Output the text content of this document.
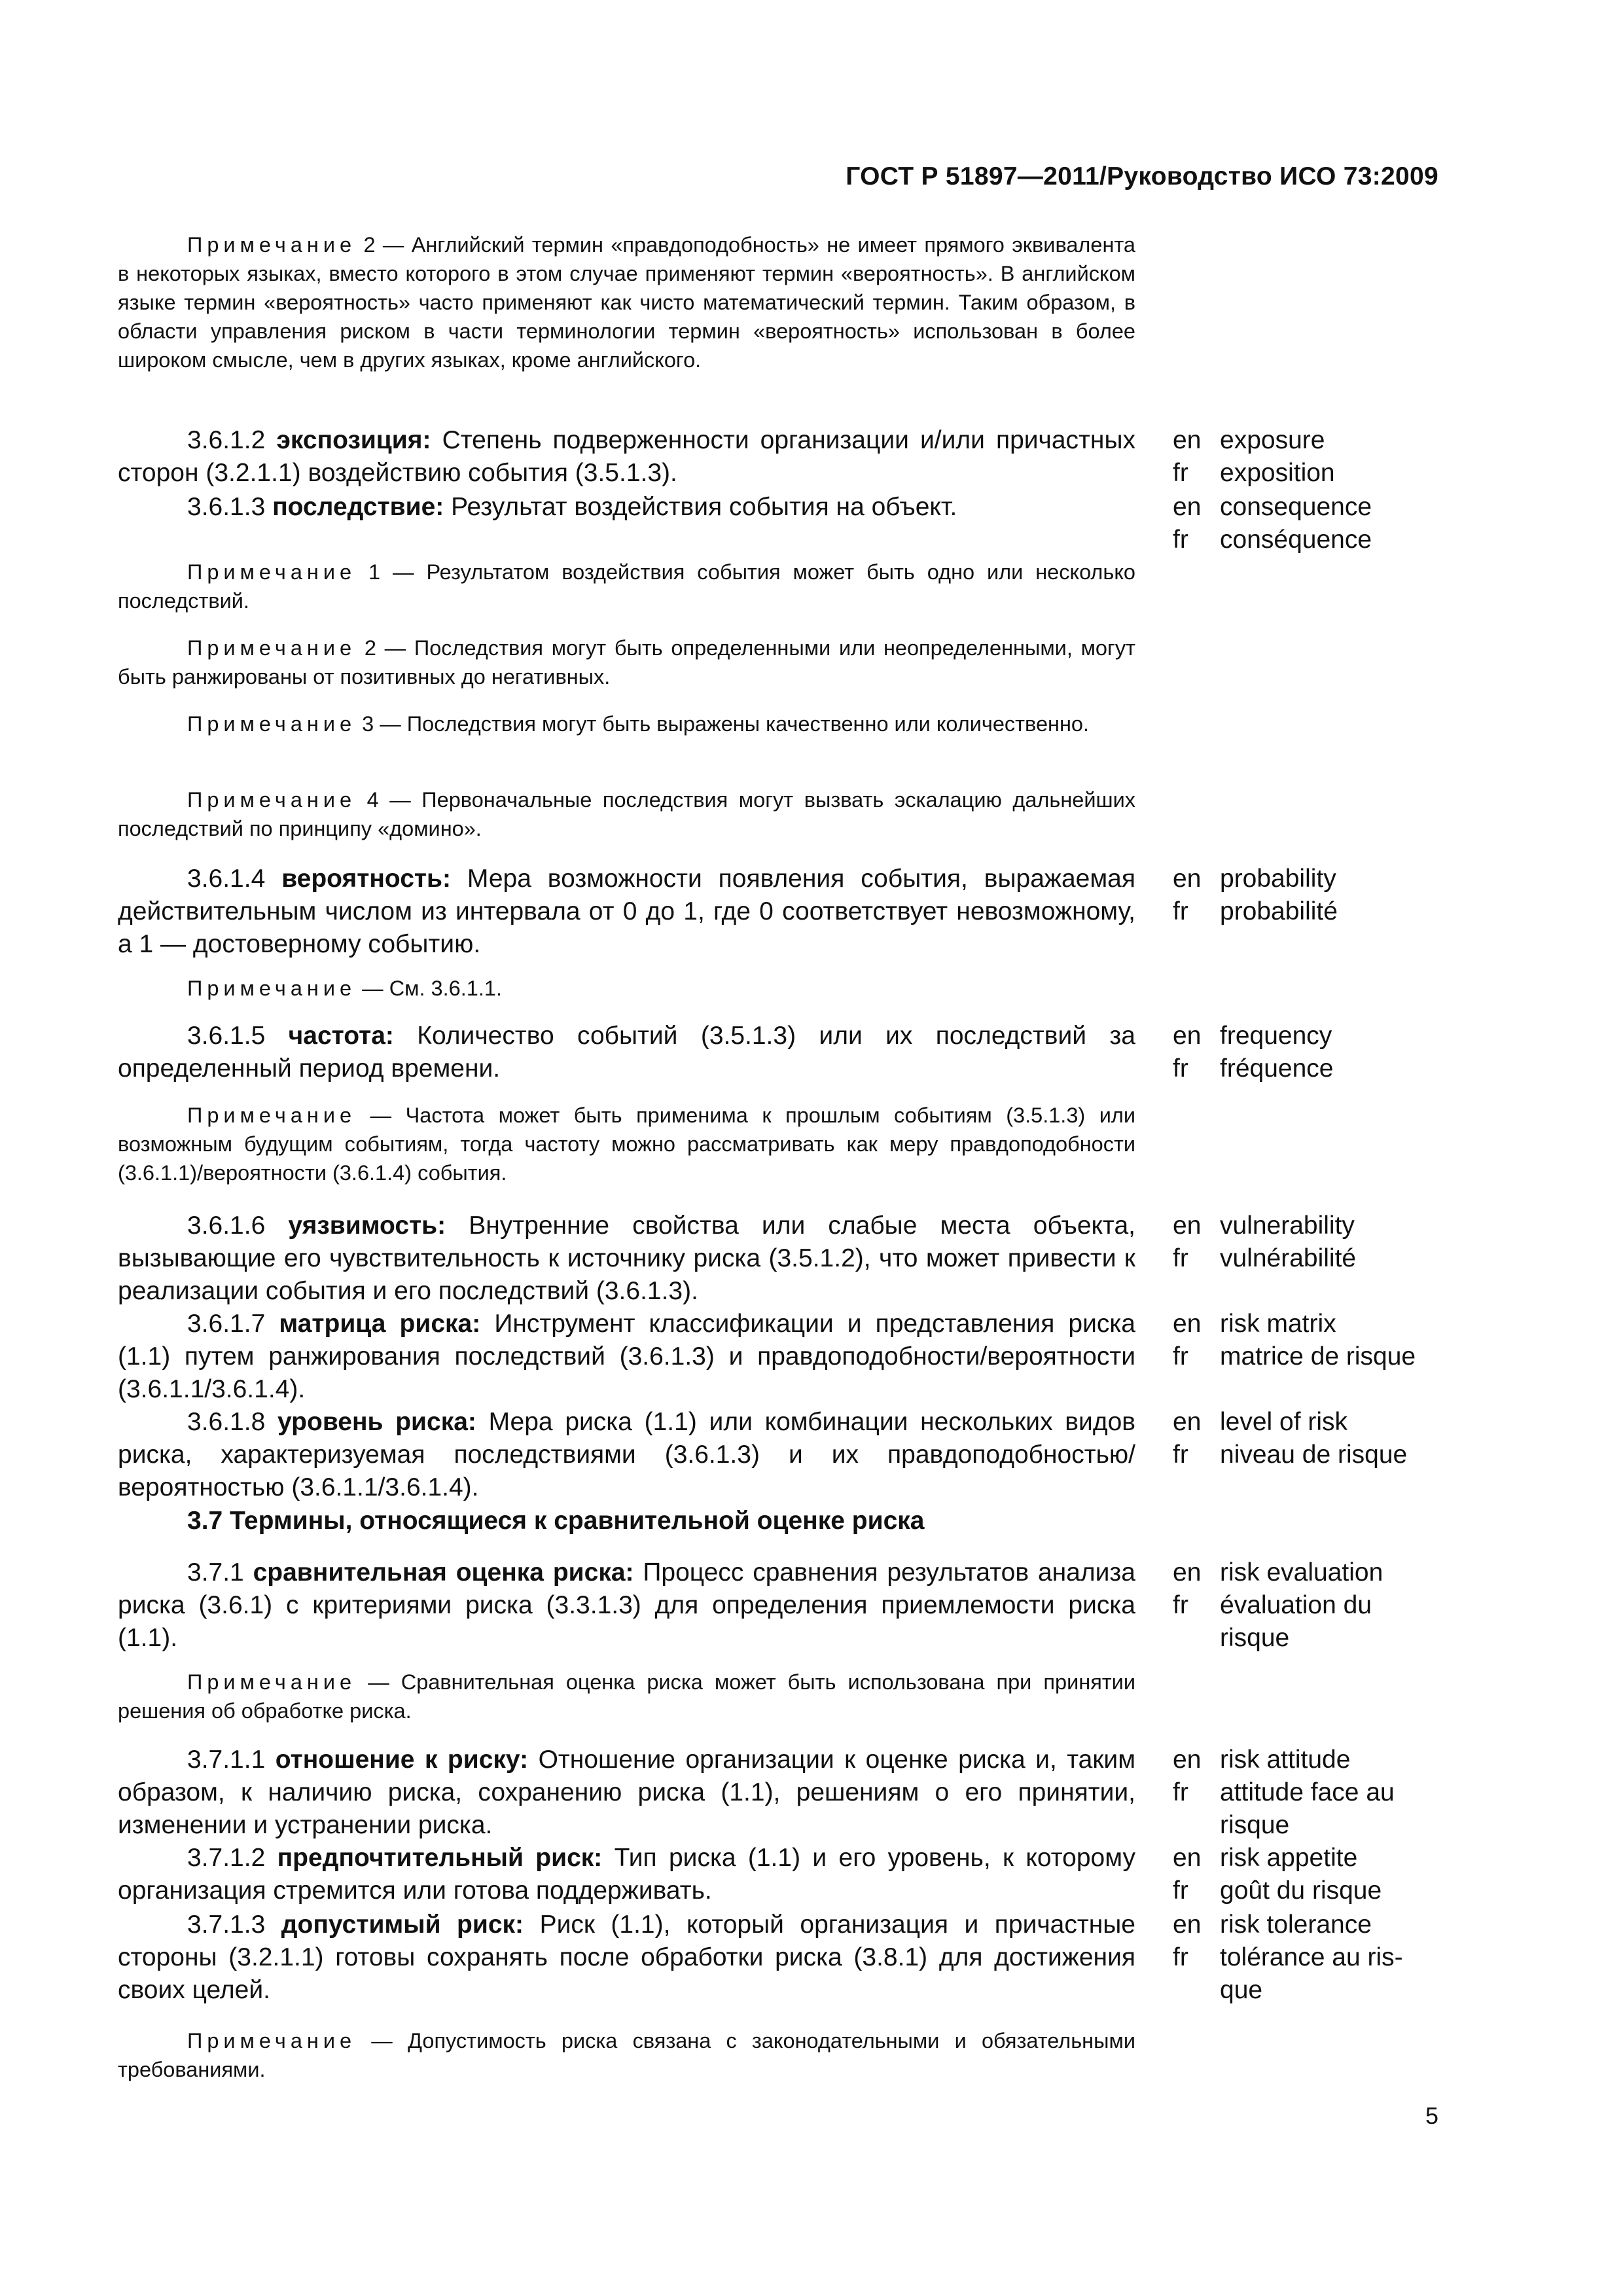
ГОСТ Р 51897—2011/Руководство ИСО 73:2009
Примечание 2 — Английский термин «правдоподобность» не имеет прямого эквивалента в некоторых языках, вместо которого в этом случае применяют термин «вероятность». В английском языке термин «вероятность» часто применяют как чисто математический термин. Таким образом, в области управления риском в части терминологии термин «вероятность» использован в более широком смысле, чем в других языках, кроме английского.
3.6.1.2 экспозиция: Степень подверженности организации и/или причастных сторон (3.2.1.1) воздействию события (3.5.1.3).
en exposure
fr	exposition
3.6.1.3 последствие: Результат воздействия события на объект.	en consequence
fr	conséquence
Примечание 1 — Результатом воздействия события может быть одно или несколько последствий.
Примечание 2 — Последствия могут быть определенными или неопределенными, могут быть ранжированы от позитивных до негативных.
Примечание 3 — Последствия могут быть выражены качественно или количественно.
Примечание 4 — Первоначальные последствия могут вызвать эскалацию дальнейших последствий по принципу «домино».
3.6.1.4 вероятность: Мера возможности появления события, выражаемая действительным числом из интервала от 0 до 1, где 0 соответствует невозможному, а 1 — достоверному событию.
en probability
fr	probabilité
Примечание — См. 3.6.1.1.
3.6.1.5 частота: Количество событий (3.5.1.3) или их последствий за определенный период времени.
en frequency
fr	fréquence
Примечание — Частота может быть применима к прошлым событиям (3.5.1.3) или возможным будущим событиям, тогда частоту можно рассматривать как меру правдоподобности (3.6.1.1)/вероятности (3.6.1.4) события.
3.6.1.6 уязвимость: Внутренние свойства или слабые места объекта, вызывающие его чувствительность к источнику риска (3.5.1.2), что может привести к реализации события и его последствий (3.6.1.3).
en vulnerability
fr	vulnérabilité
3.6.1.7 матрица риска: Инструмент классификации и представления риска (1.1) путем ранжирования последствий (3.6.1.3) и правдоподобности/вероятности (3.6.1.1/3.6.1.4).
en risk matrix
fr	matrice de risque
3.6.1.8 уровень риска: Мера риска (1.1) или комбинации нескольких видов риска, характеризуемая последствиями (3.6.1.3) и их правдоподобностью/вероятностью (3.6.1.1/3.6.1.4).
en level of risk
fr	niveau de risque
3.7 Термины, относящиеся к сравнительной оценке риска
3.7.1 сравнительная оценка риска: Процесс сравнения результатов анализа риска (3.6.1) с критериями риска (3.3.1.3) для определения приемлемости риска (1.1).
en risk evaluation
fr	évaluation du
risque
Примечание — Сравнительная оценка риска может быть использована при принятии решения об обработке риска.
3.7.1.1 отношение к риску: Отношение организации к оценке риска и, таким образом, к наличию риска, сохранению риска (1.1), решениям о его принятии, изменении и устранении риска.
en risk attitude
fr	attitude face au
risque
3.7.1.2 предпочтительный риск: Тип риска (1.1) и его уровень, к которому организация стремится или готова поддерживать.
en risk appetite
fr	goût du risque
3.7.1.3 допустимый риск: Риск (1.1), который организация и причастные стороны (3.2.1.1) готовы сохранять после обработки риска (3.8.1) для достижения своих целей.
en risk tolerance
fr	tolérance au ris-
que
Примечание — Допустимость риска связана с законодательными и обязательными требованиями.
5
